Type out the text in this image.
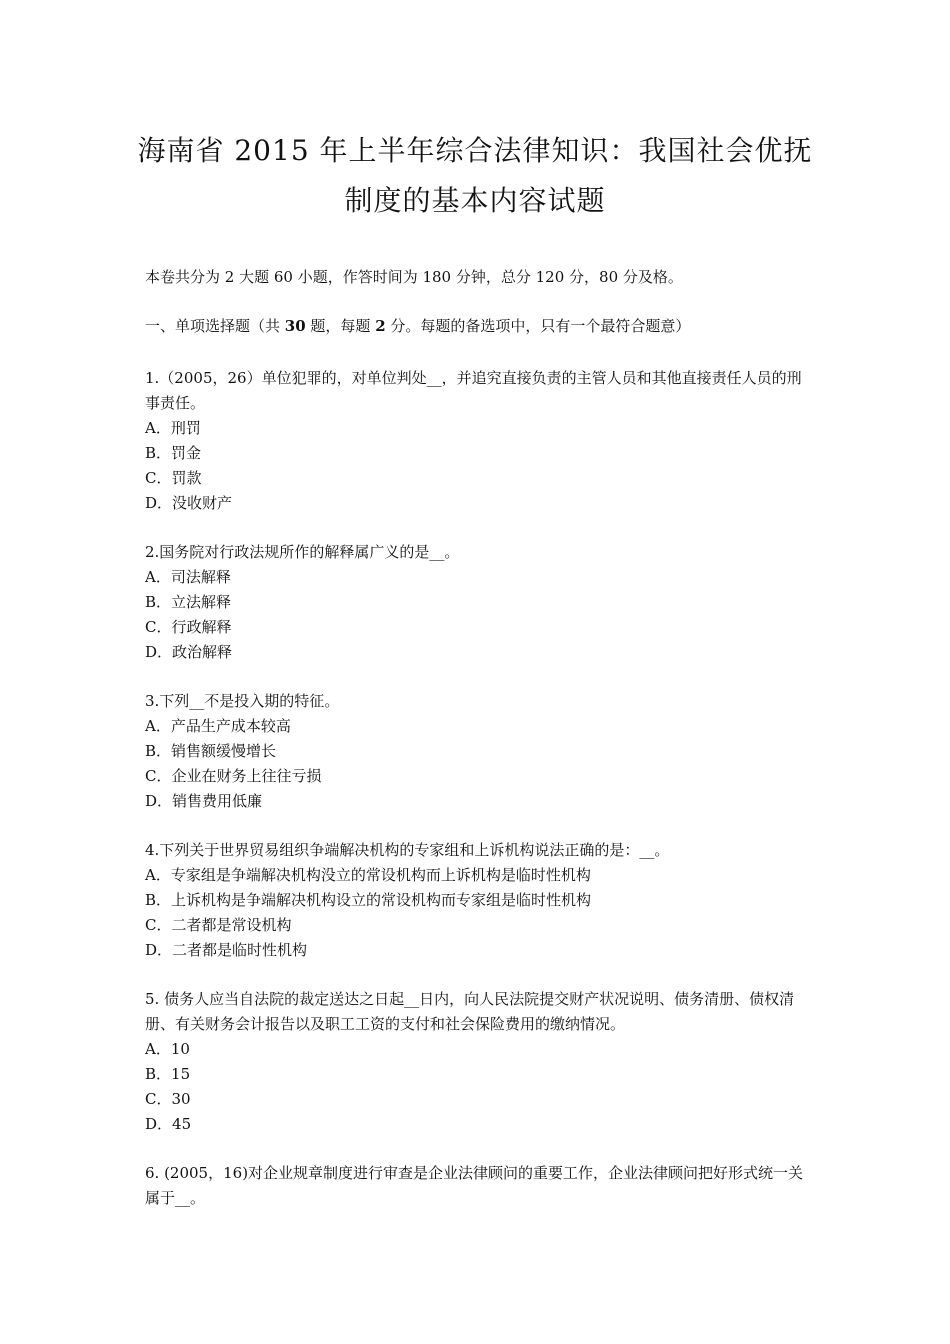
海南省 2015 年上半年综合法律知识：我国社会优抚
制度的基本内容试题
本卷共分为 2 大题 60 小题，作答时间为 180 分钟，总分 120 分，80 分及格。
一、单项选择题（共 30 题，每题 2 分。每题的备选项中，只有一个最符合题意）
1.（2005，26）单位犯罪的，对单位判处__，并追究直接负责的主管人员和其他直接责任人员的刑事责任。
A．刑罚
B．罚金
C．罚款
D．没收财产
2.国务院对行政法规所作的解释属广义的是__。
A．司法解释
B．立法解释
C．行政解释
D．政治解释
3.下列__不是投入期的特征。
A．产品生产成本较高
B．销售额缓慢增长
C．企业在财务上往往亏损
D．销售费用低廉
4.下列关于世界贸易组织争端解决机构的专家组和上诉机构说法正确的是：__。
A．专家组是争端解决机构没立的常设机构而上诉机构是临时性机构
B．上诉机构是争端解决机构设立的常设机构而专家组是临时性机构
C．二者都是常设机构
D．二者都是临时性机构
5. 债务人应当自法院的裁定送达之日起__日内，向人民法院提交财产状况说明、债务清册、债权清册、有关财务会计报告以及职工工资的支付和社会保险费用的缴纳情况。
A．10
B．15
C．30
D．45
6. (2005，16)对企业规章制度进行审查是企业法律顾问的重要工作，企业法律顾问把好形式统一关属于__。
